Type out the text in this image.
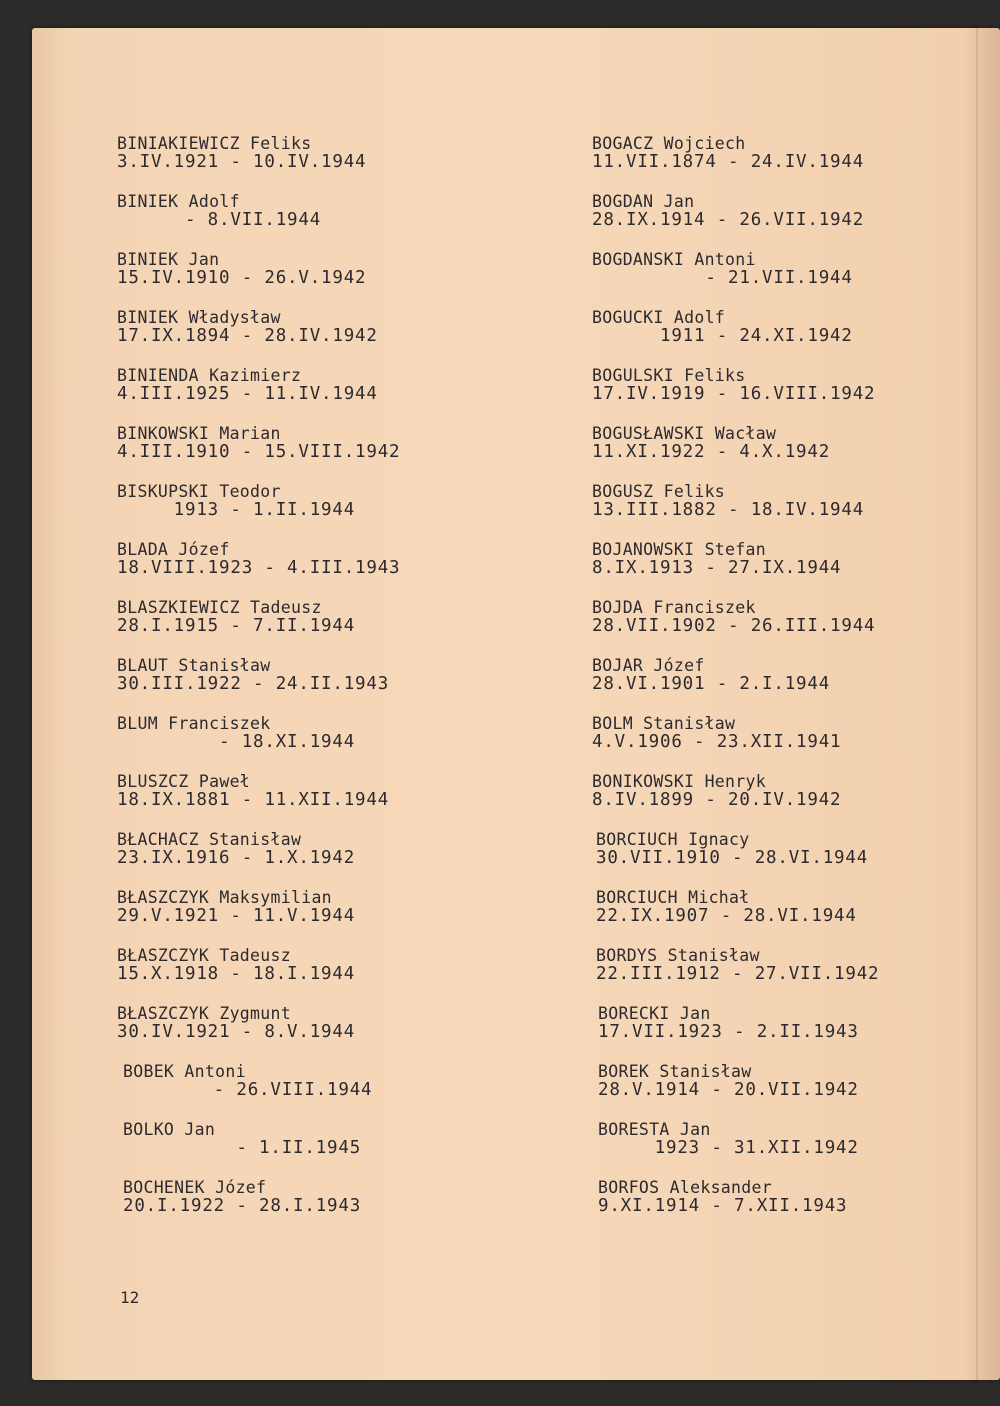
BINIAKIEWICZ Feliks
3.IV.1921 - 10.IV.1944
BINIEK Adolf
- 8.VII.1944
BINIEK Jan
15.IV.1910 - 26.V.1942
BINIEK Władysław
17.IX.1894 - 28.IV.1942
BINIENDA Kazimierz
4.III.1925 - 11.IV.1944
BINKOWSKI Marian
4.III.1910 - 15.VIII.1942
BISKUPSKI Teodor
1913 - 1.II.1944
BLADA Józef
18.VIII.1923 - 4.III.1943
BLASZKIEWICZ Tadeusz
28.I.1915 - 7.II.1944
BLAUT Stanisław
30.III.1922 - 24.II.1943
BLUM Franciszek
- 18.XI.1944
BLUSZCZ Paweł
18.IX.1881 - 11.XII.1944
BŁACHACZ Stanisław
23.IX.1916 - 1.X.1942
BŁASZCZYK Maksymilian
29.V.1921 - 11.V.1944
BŁASZCZYK Tadeusz
15.X.1918 - 18.I.1944
BŁASZCZYK Zygmunt
30.IV.1921 - 8.V.1944
BOBEK Antoni
- 26.VIII.1944
BOLKO Jan
- 1.II.1945
BOCHENEK Józef
20.I.1922 - 28.I.1943
BOGACZ Wojciech
11.VII.1874 - 24.IV.1944
BOGDAN Jan
28.IX.1914 - 26.VII.1942
BOGDANSKI Antoni
- 21.VII.1944
BOGUCKI Adolf
1911 - 24.XI.1942
BOGULSKI Feliks
17.IV.1919 - 16.VIII.1942
BOGUSŁAWSKI Wacław
11.XI.1922 - 4.X.1942
BOGUSZ Feliks
13.III.1882 - 18.IV.1944
BOJANOWSKI Stefan
8.IX.1913 - 27.IX.1944
BOJDA Franciszek
28.VII.1902 - 26.III.1944
BOJAR Józef
28.VI.1901 - 2.I.1944
BOLM Stanisław
4.V.1906 - 23.XII.1941
BONIKOWSKI Henryk
8.IV.1899 - 20.IV.1942
BORCIUCH Ignacy
30.VII.1910 - 28.VI.1944
BORCIUCH Michał
22.IX.1907 - 28.VI.1944
BORDYS Stanisław
22.III.1912 - 27.VII.1942
BORECKI Jan
17.VII.1923 - 2.II.1943
BOREK Stanisław
28.V.1914 - 20.VII.1942
BORESTA Jan
1923 - 31.XII.1942
BORFOS Aleksander
9.XI.1914 - 7.XII.1943
12
